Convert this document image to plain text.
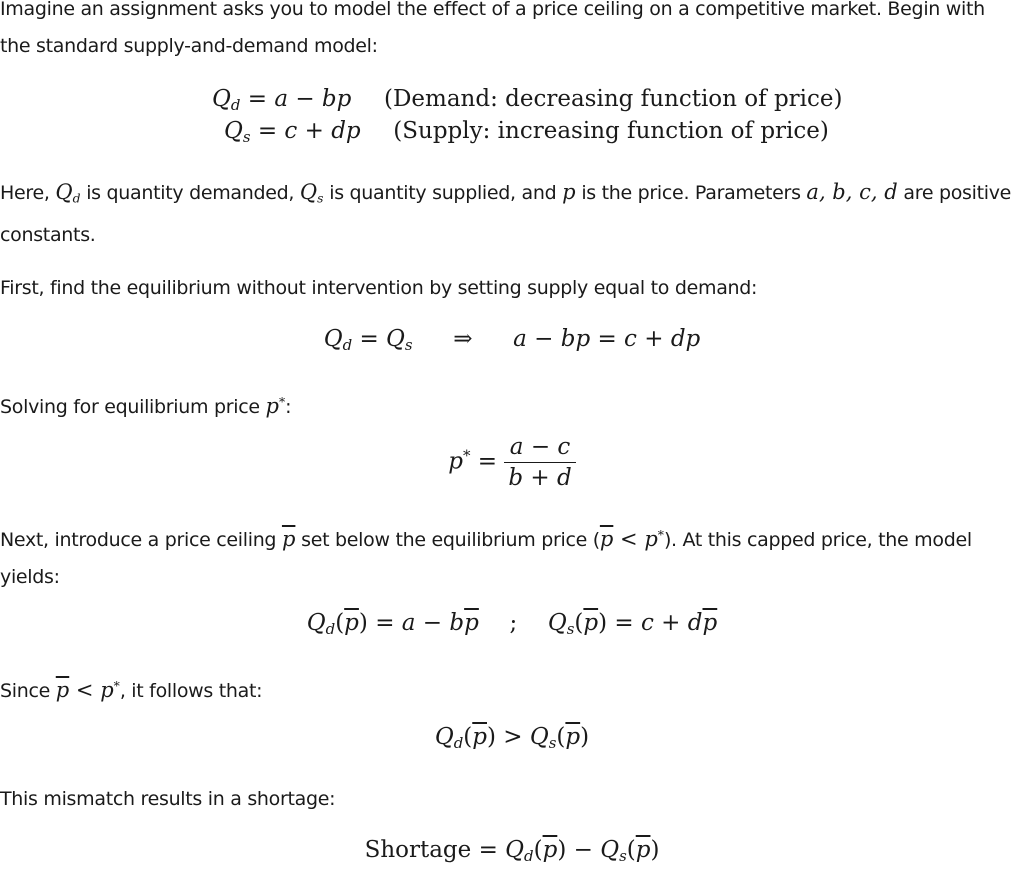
Imagine an assignment asks you to model the effect of a price ceiling on a competitive market. Begin with
the standard supply-and-demand model:

$Q_d = a$ − bp (Demand: decreasing function of price)
$Q_s = c$ + dp (Supply: increasing function of price)

Here, $Q_d$ is quantity demanded, $Q_s$ is quantity supplied, and p is the price. Parameters a, b, c, d are positive
constants.

First, find the equilibrium without intervention by setting supply equal to demand:

$Q_d = Q_s$ ⇒ a − bp = c + dp

Solving for equilibrium price p*:

$p^* = \frac{a - c}{b + d}$

Next, introduce a price ceiling $\overline{p}$ set below the equilibrium price $(\overline{p} < p^*)$. At this capped price, the model
yields:

$Q_d(\overline{p}) = a - b\overline{p}$ ; $Q_s(\overline{p}) = c + d\overline{p}$

Since $\overline{p} < p^*$, it follows that:

$Q_d(\overline{p}) > Q_s(\overline{p})$

This mismatch results in a shortage:

Shortage = $Q_d(\overline{p}) - Q_s(\overline{p})$
